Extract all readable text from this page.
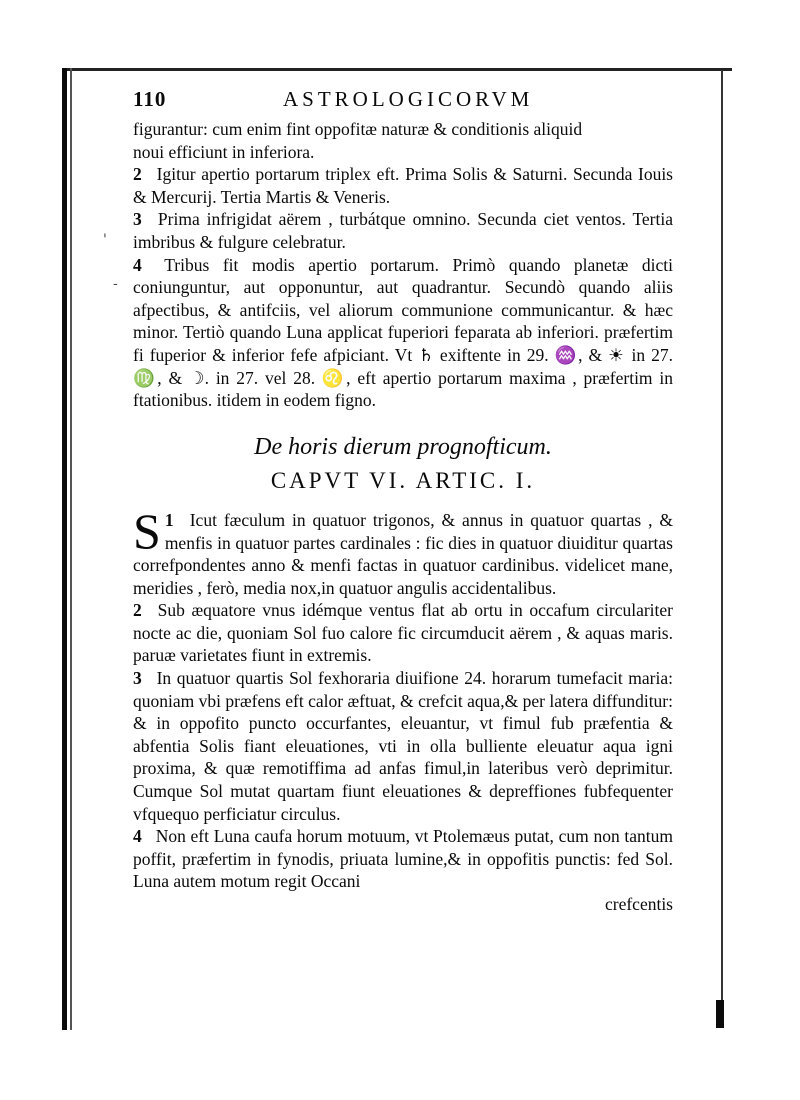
'
-
110	ASTROLOGICORVM

figurantur: cum enim fint oppofitæ naturæ & conditionis aliquid

noui efficiunt in inferiora.

2 Igitur apertio portarum triplex eft. Prima Solis & Saturni. Secunda Iouis & Mercurij. Tertia Martis & Veneris.

3 Prima infrigidat aërem , turbátque omnino. Secunda ciet ventos. Tertia imbribus & fulgure celebratur.

4 Tribus fit modis apertio portarum. Primò quando planetæ dicti coniunguntur, aut opponuntur, aut quadrantur. Secundò quando aliis afpectibus, & antifciis, vel aliorum communione communicantur. & hæc minor. Tertiò quando Luna applicat fuperiori feparata ab inferiori. præfertim fi fuperior & inferior fefe afpiciant. Vt ♄ exiftente in 29. ♒, & ☀ in 27. ♍, & ☽. in 27. vel 28. ♌, eft apertio portarum maxima , præfertim in ftationibus. itidem in eodem figno.

De horis dierum prognofticum.
CAPVT VI. ARTIC. I.

1
S Icut fæculum in quatuor trigonos, & annus in quatuor quartas , & menfis in quatuor partes cardinales : fic dies in quatuor diuiditur quartas correfpondentes anno & menfi factas in quatuor cardinibus. videlicet mane, meridies , ferò, media nox,in quatuor angulis accidentalibus.

2 Sub æquatore vnus idémque ventus flat ab ortu in occafum circulariter nocte ac die, quoniam Sol fuo calore fic circumducit aërem , & aquas maris. paruæ varietates fiunt in extremis.

3 In quatuor quartis Sol fexhoraria diuifione 24. horarum tumefacit maria: quoniam vbi præfens eft calor æftuat, & crefcit aqua,& per latera diffunditur: & in oppofito puncto occurfantes, eleuantur, vt fimul fub præfentia & abfentia Solis fiant eleuationes, vti in olla bulliente eleuatur aqua igni proxima, & quæ remotiffima ad anfas fimul,in lateribus verò deprimitur. Cumque Sol mutat quartam fiunt eleuationes & depreffiones fubfequenter vfquequo perficiatur circulus.

4 Non eft Luna caufa horum motuum, vt Ptolemæus putat, cum non tantum poffit, præfertim in fynodis, priuata lumine,& in oppofitis punctis: fed Sol. Luna autem motum regit Occani

crefcentis
